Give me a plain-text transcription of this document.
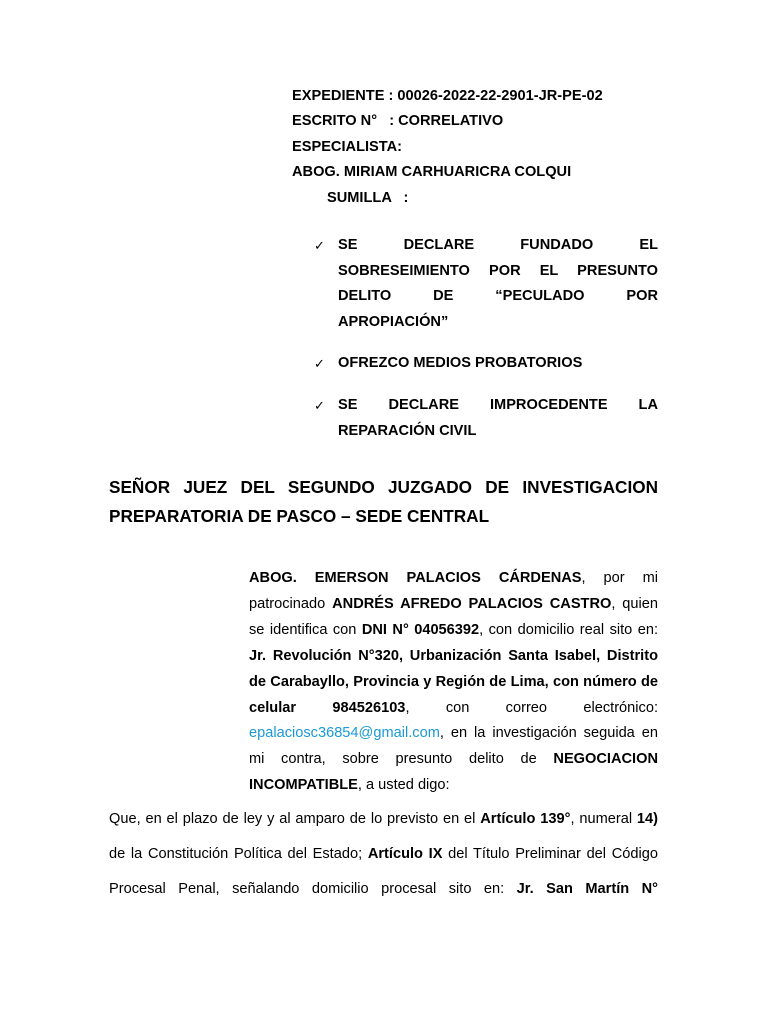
EXPEDIENTE : 00026-2022-22-2901-JR-PE-02
ESCRITO N°   : CORRELATIVO
ESPECIALISTA:
ABOG. MIRIAM CARHUARICRA COLQUI
SUMILLA   :
✓ SE DECLARE FUNDADO EL SOBRESEIMIENTO POR EL PRESUNTO DELITO DE “PECULADO POR APROPIACIÓN”
✓ OFREZCO MEDIOS PROBATORIOS
✓ SE DECLARE IMPROCEDENTE LA REPARACIÓN CIVIL
SEÑOR JUEZ DEL SEGUNDO JUZGADO DE INVESTIGACION PREPARATORIA DE PASCO – SEDE CENTRAL
ABOG. EMERSON PALACIOS CÁRDENAS, por mi patrocinado ANDRÉS AFREDO PALACIOS CASTRO, quien se identifica con DNI N° 04056392, con domicilio real sito en: Jr. Revolución N°320, Urbanización Santa Isabel, Distrito de Carabayllo, Provincia y Región de Lima, con número de celular 984526103, con correo electrónico: epalaciosc36854@gmail.com, en la investigación seguida en mi contra, sobre presunto delito de NEGOCIACION INCOMPATIBLE, a usted digo:
Que, en el plazo de ley y al amparo de lo previsto en el Artículo 139°, numeral 14) de la Constitución Política del Estado; Artículo IX del Título Preliminar del Código Procesal Penal, señalando domicilio procesal sito en: Jr. San Martín N°
